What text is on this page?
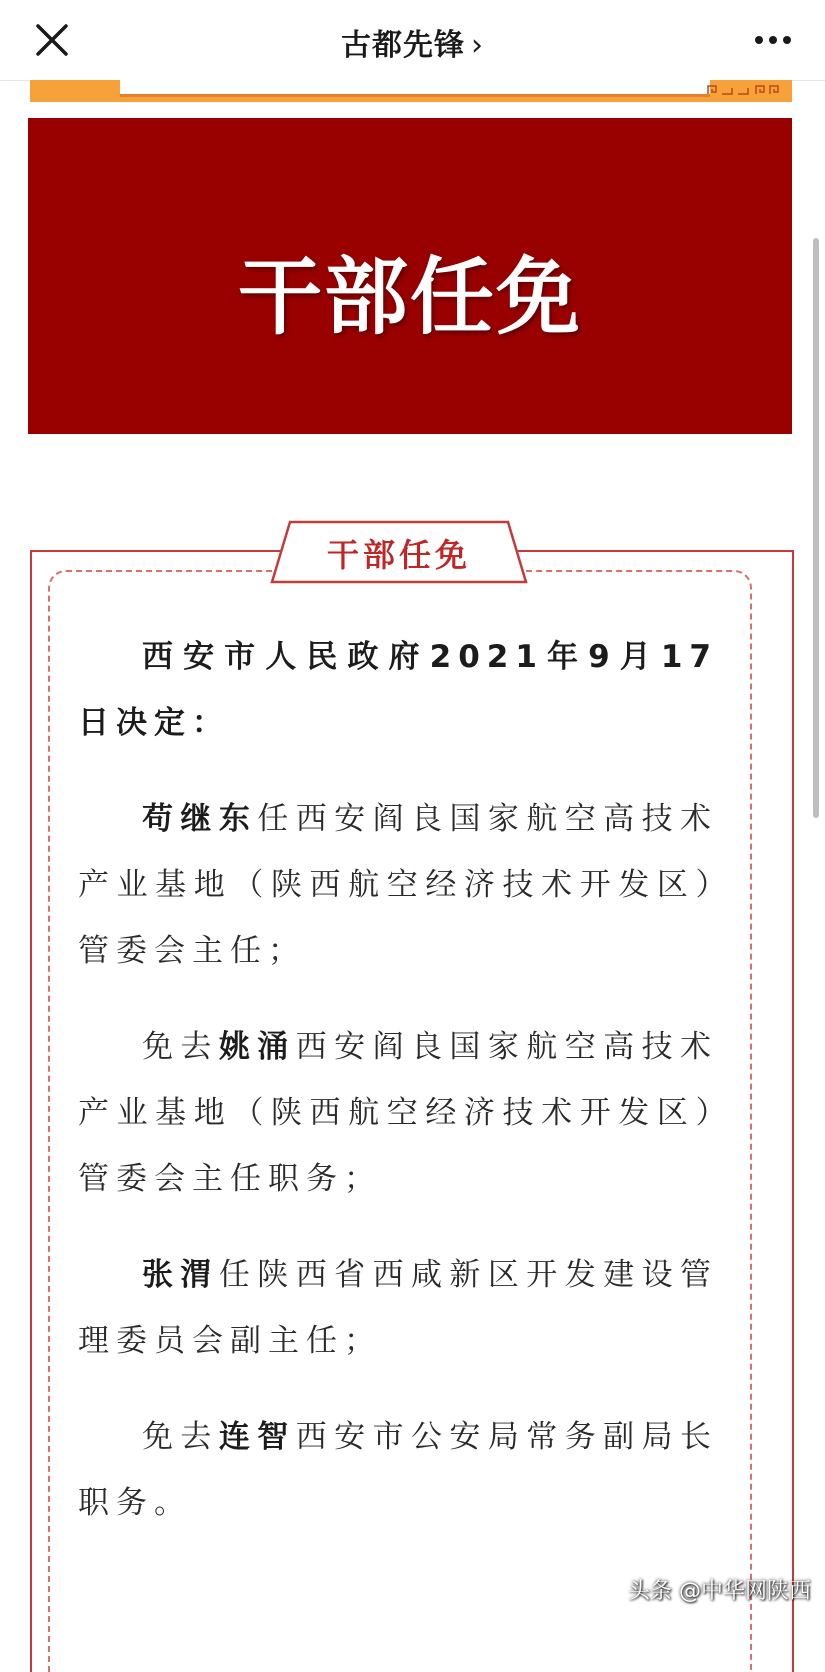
古都先锋 ›
干部任免
干部任免

西安市人民政府2021年9月17日决定：

苟继东任西安阎良国家航空高技术产业基地（陕西航空经济技术开发区）管委会主任；

免去姚涌西安阎良国家航空高技术产业基地（陕西航空经济技术开发区）管委会主任职务；

张渭任陕西省西咸新区开发建设管理委员会副主任；

免去连智西安市公安局常务副局长职务。

头条 @中华网陕西
